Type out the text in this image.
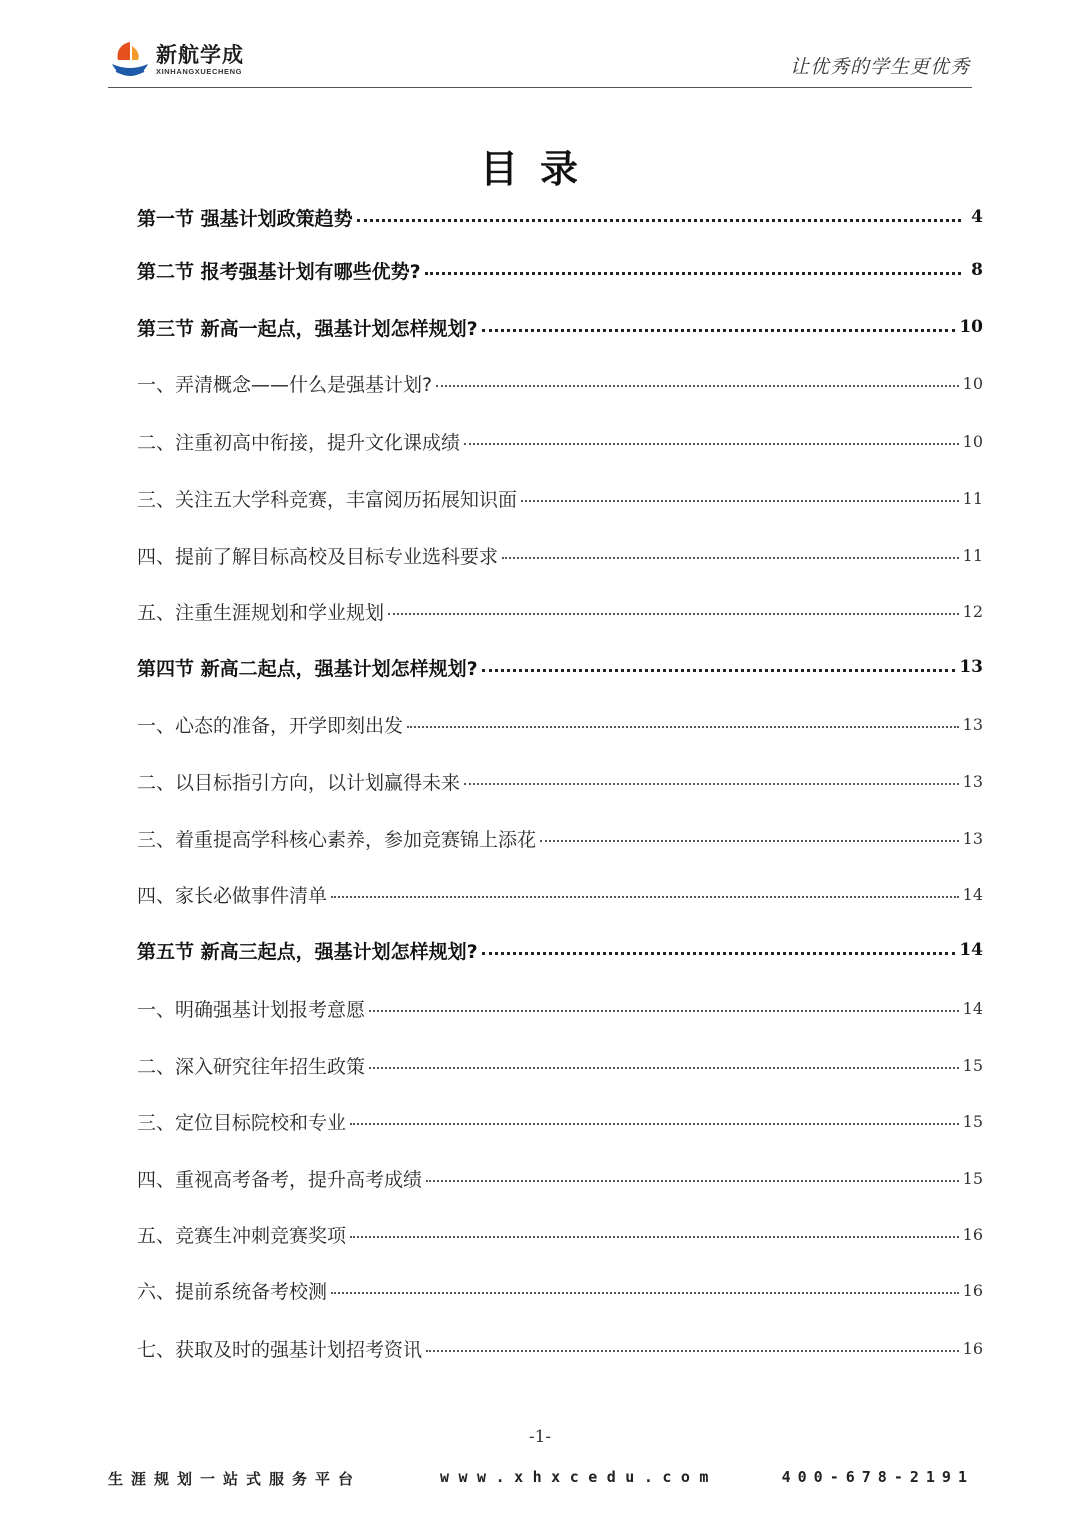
新航学成
XINHANGXUECHENG	让优秀的学生更优秀
目录
第一节 强基计划政策趋势	4
第二节 报考强基计划有哪些优势?	8
第三节 新高一起点，强基计划怎样规划?	10
一、弄清概念——什么是强基计划?	10
二、注重初高中衔接，提升文化课成绩	10
三、关注五大学科竞赛，丰富阅历拓展知识面	11
四、提前了解目标高校及目标专业选科要求	11
五、注重生涯规划和学业规划	12
第四节 新高二起点，强基计划怎样规划?	13
一、心态的准备，开学即刻出发	13
二、以目标指引方向，以计划赢得未来	13
三、着重提高学科核心素养，参加竞赛锦上添花	13
四、家长必做事件清单	14
第五节 新高三起点，强基计划怎样规划?	14
一、明确强基计划报考意愿	14
二、深入研究往年招生政策	15
三、定位目标院校和专业	15
四、重视高考备考，提升高考成绩	15
五、竞赛生冲刺竞赛奖项	16
六、提前系统备考校测	16
七、获取及时的强基计划招考资讯	16
-1-
生涯规划一站式服务平台	www.xhxcedu.com	400-678-2191
